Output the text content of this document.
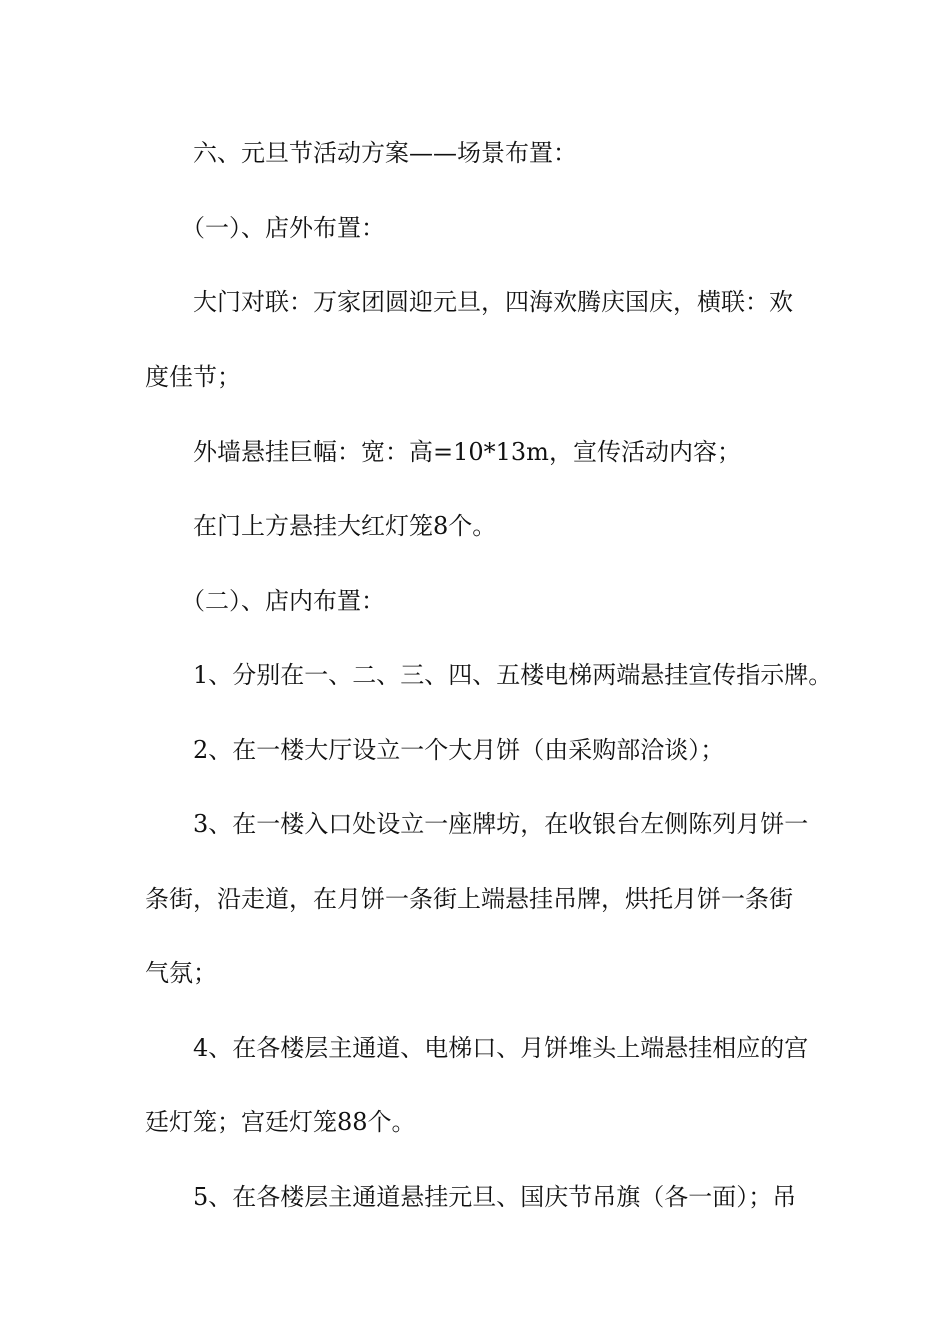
六、元旦节活动方案——场景布置：
（一）、店外布置：
大门对联：万家团圆迎元旦，四海欢腾庆国庆，横联：欢
度佳节；
外墙悬挂巨幅：宽：高=10*13m，宣传活动内容；
在门上方悬挂大红灯笼8个。
（二）、店内布置：
1、分别在一、二、三、四、五楼电梯两端悬挂宣传指示牌。
2、在一楼大厅设立一个大月饼（由采购部洽谈）；
3、在一楼入口处设立一座牌坊，在收银台左侧陈列月饼一
条街，沿走道，在月饼一条街上端悬挂吊牌，烘托月饼一条街
气氛；
4、在各楼层主通道、电梯口、月饼堆头上端悬挂相应的宫
廷灯笼；宫廷灯笼88个。
5、在各楼层主通道悬挂元旦、国庆节吊旗（各一面）；吊
